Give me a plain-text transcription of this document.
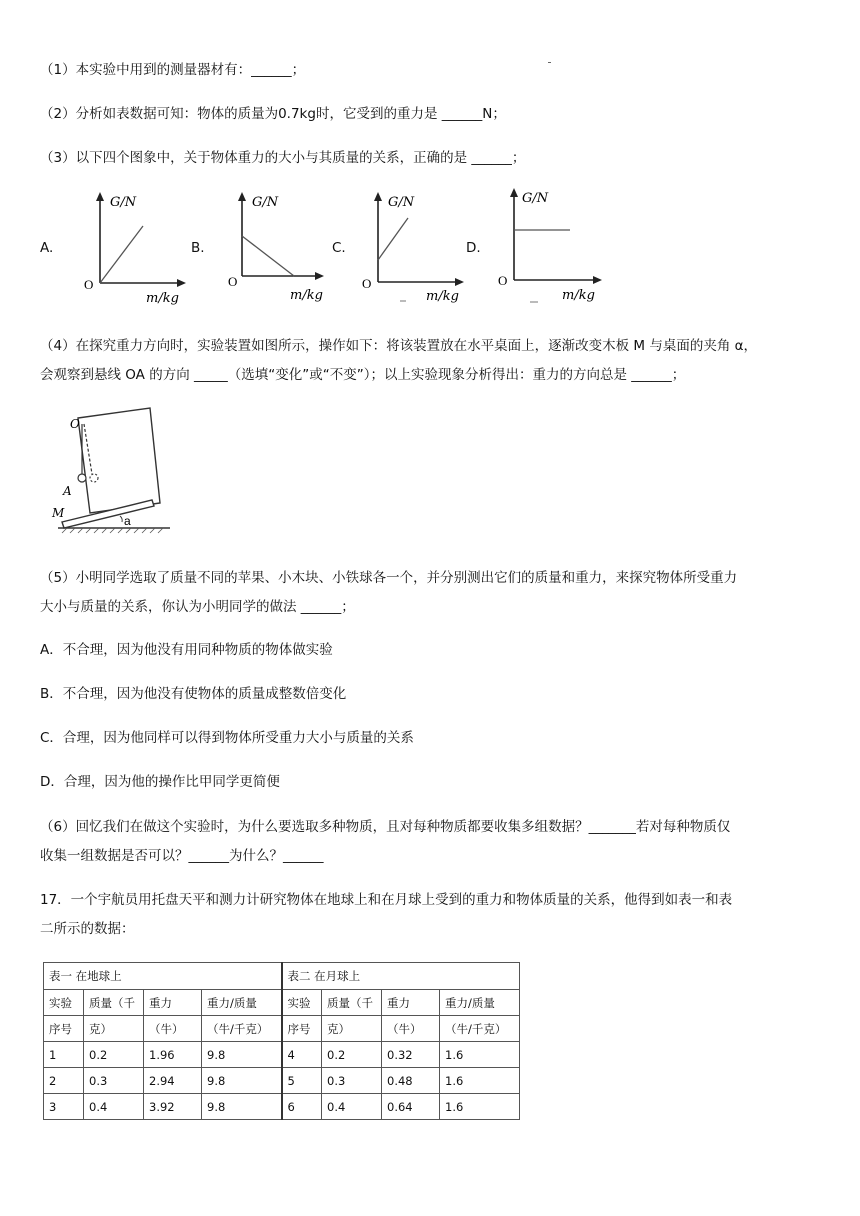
（1）本实验中用到的测量器材有：______；
（2）分析如表数据可知：物体的质量为0.7kg时，它受到的重力是 ______N；
（3）以下四个图象中，关于物体重力的大小与其质量的关系，正确的是 ______；
A.
G/N
O
m/kg
B.
G/N
O
m/kg
C.
G/N
O
m/kg
D.
G/N
O
m/kg
（4）在探究重力方向时，实验装置如图所示，操作如下：将该装置放在水平桌面上，逐渐改变木板 M 与桌面的夹角 α，
会观察到悬线 OA 的方向 _____（选填“变化”或“不变”）；以上实验现象分析得出：重力的方向总是 ______；
O
A
M
a
（5）小明同学选取了质量不同的苹果、小木块、小铁球各一个，并分别测出它们的质量和重力，来探究物体所受重力
大小与质量的关系，你认为小明同学的做法 ______；
A．不合理，因为他没有用同种物质的物体做实验
B．不合理，因为他没有使物体的质量成整数倍变化
C．合理，因为他同样可以得到物体所受重力大小与质量的关系
D．合理，因为他的操作比甲同学更简便
（6）回忆我们在做这个实验时，为什么要选取多种物质，且对每种物质都要收集多组数据？_______若对每种物质仅
收集一组数据是否可以？______为什么？______
17．一个宇航员用托盘天平和测力计研究物体在地球上和在月球上受到的重力和物体质量的关系，他得到如表一和表
二所示的数据：
表一 在地球上				表二 在月球上			
实验	质量（千	重力	重力/质量	实验	质量（千	重力	重力/质量
序号	克）	（牛）	（牛/千克）	序号	克）	（牛）	（牛/千克）
1	0.2	1.96	9.8	4	0.2	0.32	1.6
2	0.3	2.94	9.8	5	0.3	0.48	1.6
3	0.4	3.92	9.8	6	0.4	0.64	1.6
